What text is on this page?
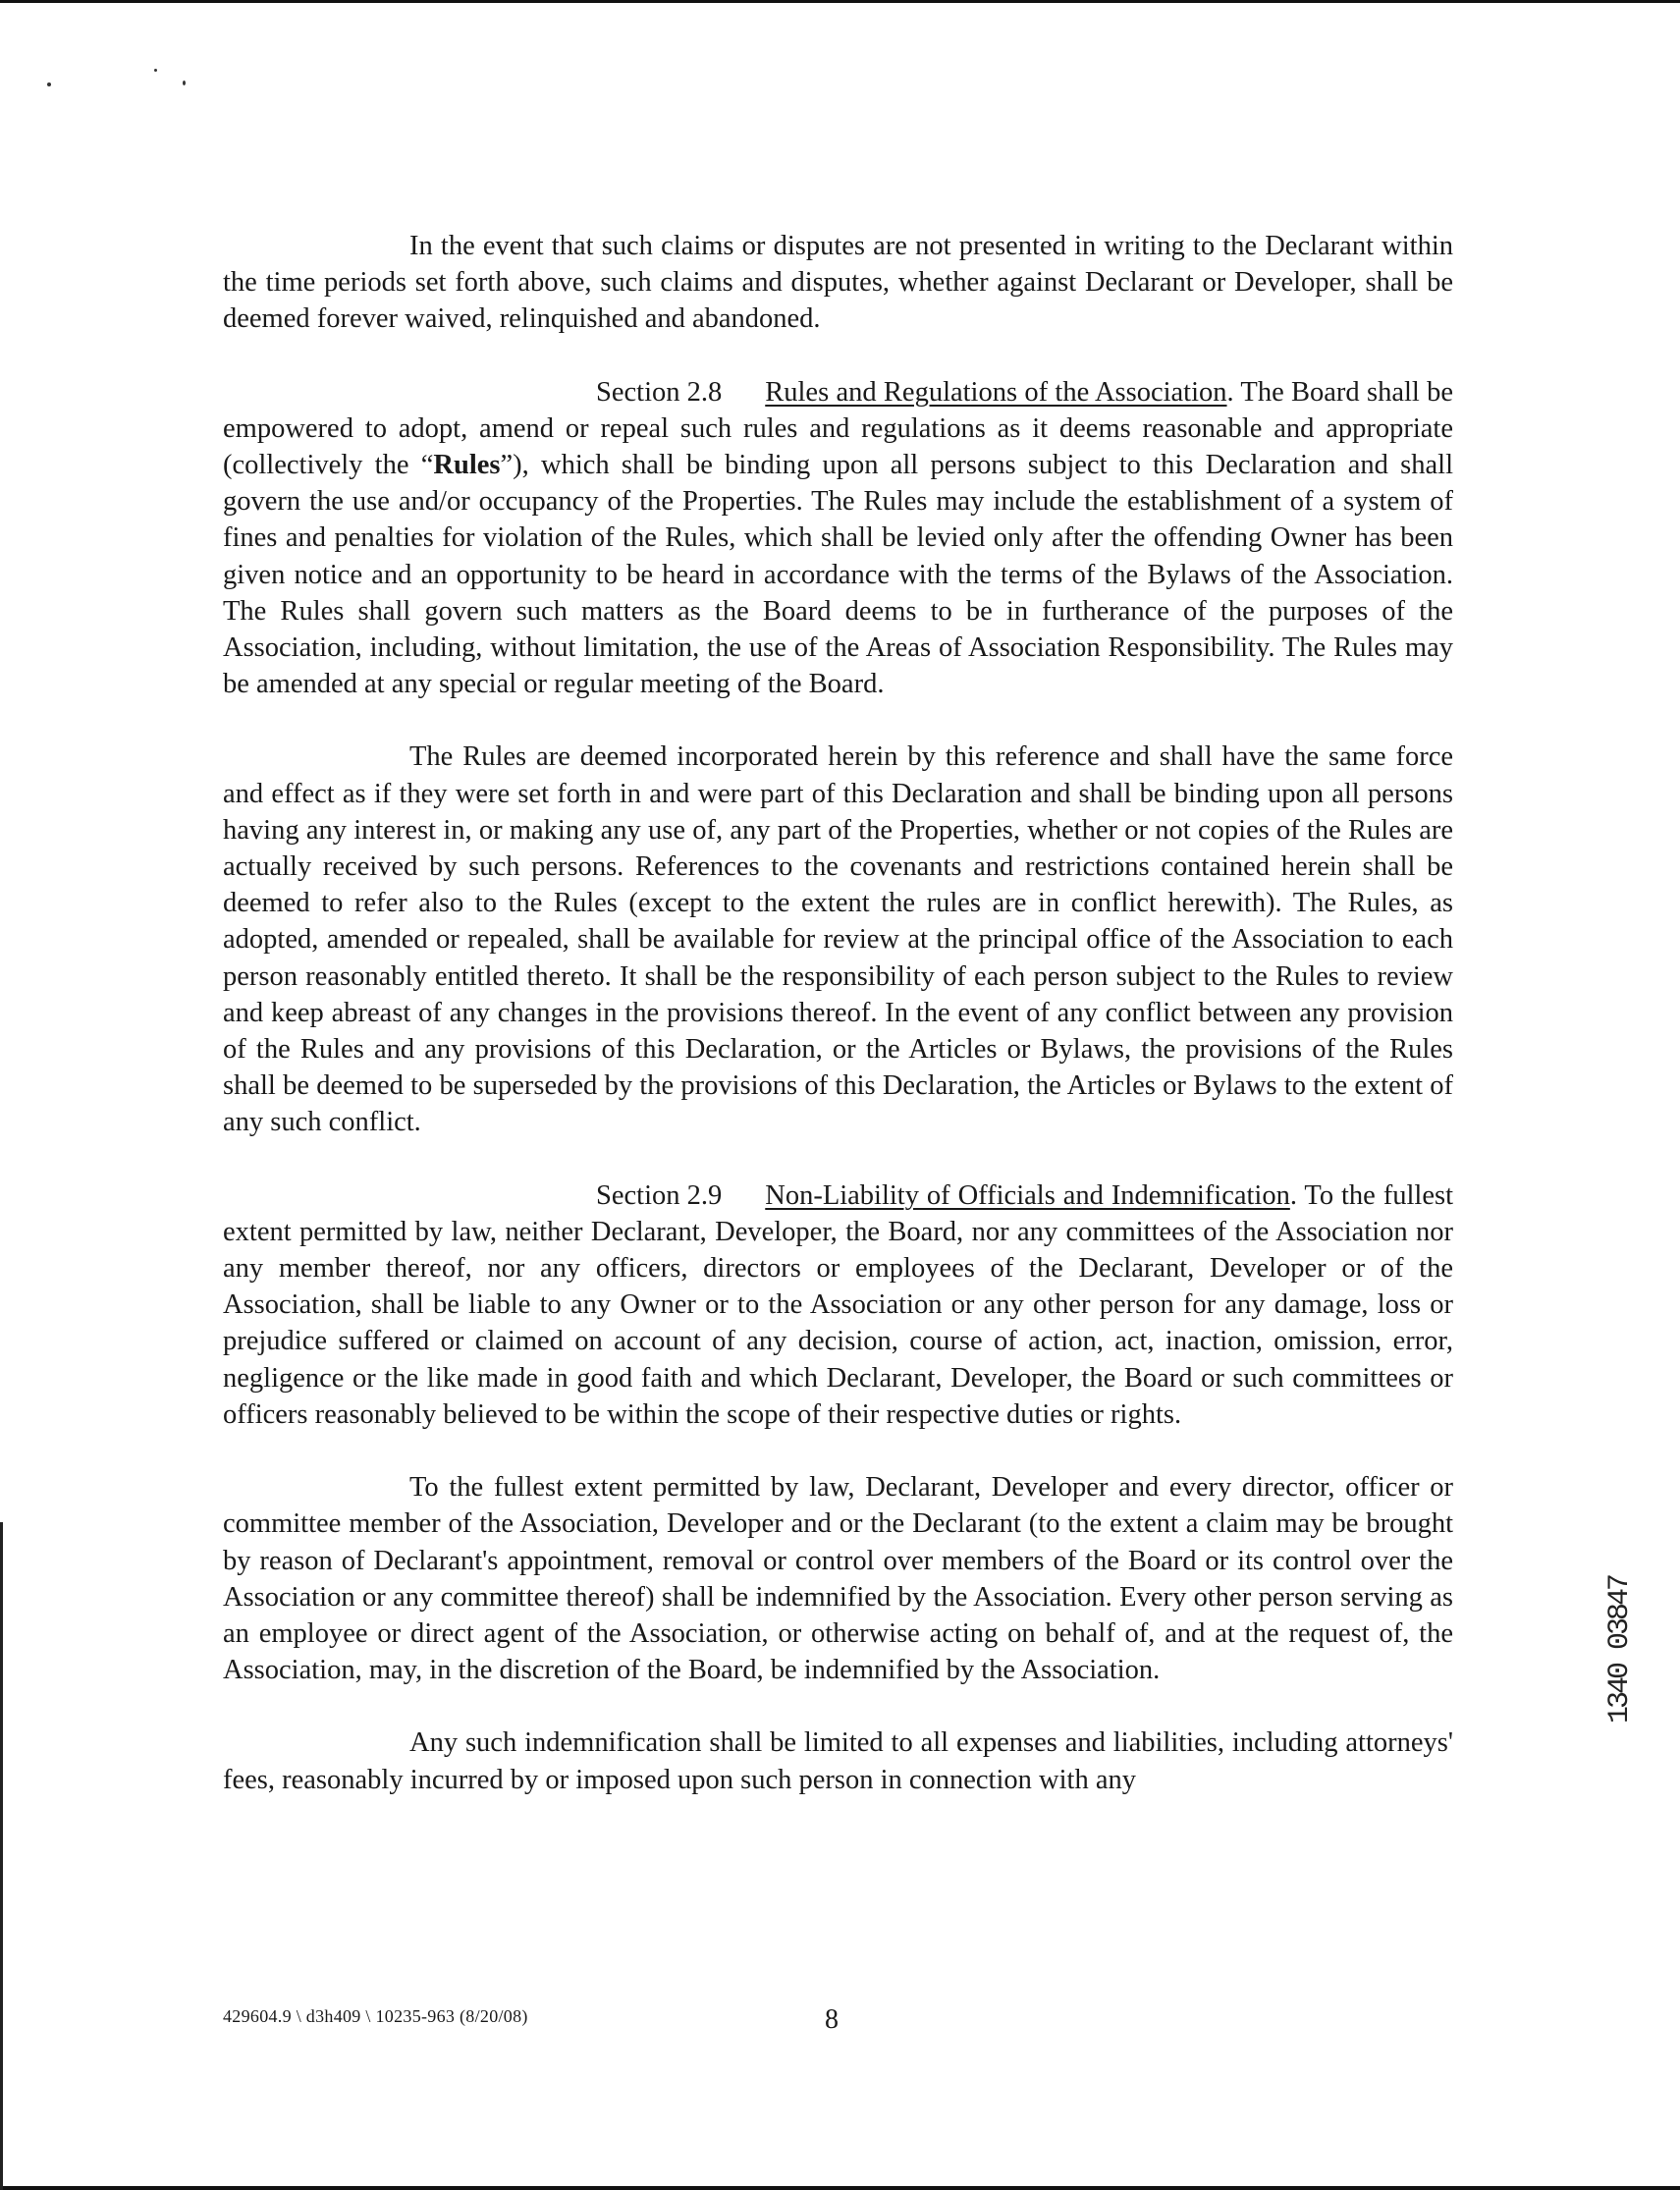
In the event that such claims or disputes are not presented in writing to the Declarant within the time periods set forth above, such claims and disputes, whether against Declarant or Developer, shall be deemed forever waived, relinquished and abandoned.

Section 2.8 Rules and Regulations of the Association. The Board shall be empowered to adopt, amend or repeal such rules and regulations as it deems reasonable and appropriate (collectively the “Rules”), which shall be binding upon all persons subject to this Declaration and shall govern the use and/or occupancy of the Properties. The Rules may include the establishment of a system of fines and penalties for violation of the Rules, which shall be levied only after the offending Owner has been given notice and an opportunity to be heard in accordance with the terms of the Bylaws of the Association. The Rules shall govern such matters as the Board deems to be in furtherance of the purposes of the Association, including, without limitation, the use of the Areas of Association Responsibility. The Rules may be amended at any special or regular meeting of the Board.

The Rules are deemed incorporated herein by this reference and shall have the same force and effect as if they were set forth in and were part of this Declaration and shall be binding upon all persons having any interest in, or making any use of, any part of the Properties, whether or not copies of the Rules are actually received by such persons. References to the covenants and restrictions contained herein shall be deemed to refer also to the Rules (except to the extent the rules are in conflict herewith). The Rules, as adopted, amended or repealed, shall be available for review at the principal office of the Association to each person reasonably entitled thereto. It shall be the responsibility of each person subject to the Rules to review and keep abreast of any changes in the provisions thereof. In the event of any conflict between any provision of the Rules and any provisions of this Declaration, or the Articles or Bylaws, the provisions of the Rules shall be deemed to be superseded by the provisions of this Declaration, the Articles or Bylaws to the extent of any such conflict.

Section 2.9 Non-Liability of Officials and Indemnification. To the fullest extent permitted by law, neither Declarant, Developer, the Board, nor any committees of the Association nor any member thereof, nor any officers, directors or employees of the Declarant, Developer or of the Association, shall be liable to any Owner or to the Association or any other person for any damage, loss or prejudice suffered or claimed on account of any decision, course of action, act, inaction, omission, error, negligence or the like made in good faith and which Declarant, Developer, the Board or such committees or officers reasonably believed to be within the scope of their respective duties or rights.

To the fullest extent permitted by law, Declarant, Developer and every director, officer or committee member of the Association, Developer and or the Declarant (to the extent a claim may be brought by reason of Declarant's appointment, removal or control over members of the Board or its control over the Association or any committee thereof) shall be indemnified by the Association. Every other person serving as an employee or direct agent of the Association, or otherwise acting on behalf of, and at the request of, the Association, may, in the discretion of the Board, be indemnified by the Association.

Any such indemnification shall be limited to all expenses and liabilities, including attorneys' fees, reasonably incurred by or imposed upon such person in connection with any

429604.9 \ d3h409 \ 10235-963 (8/20/08)	8
1340 03847
